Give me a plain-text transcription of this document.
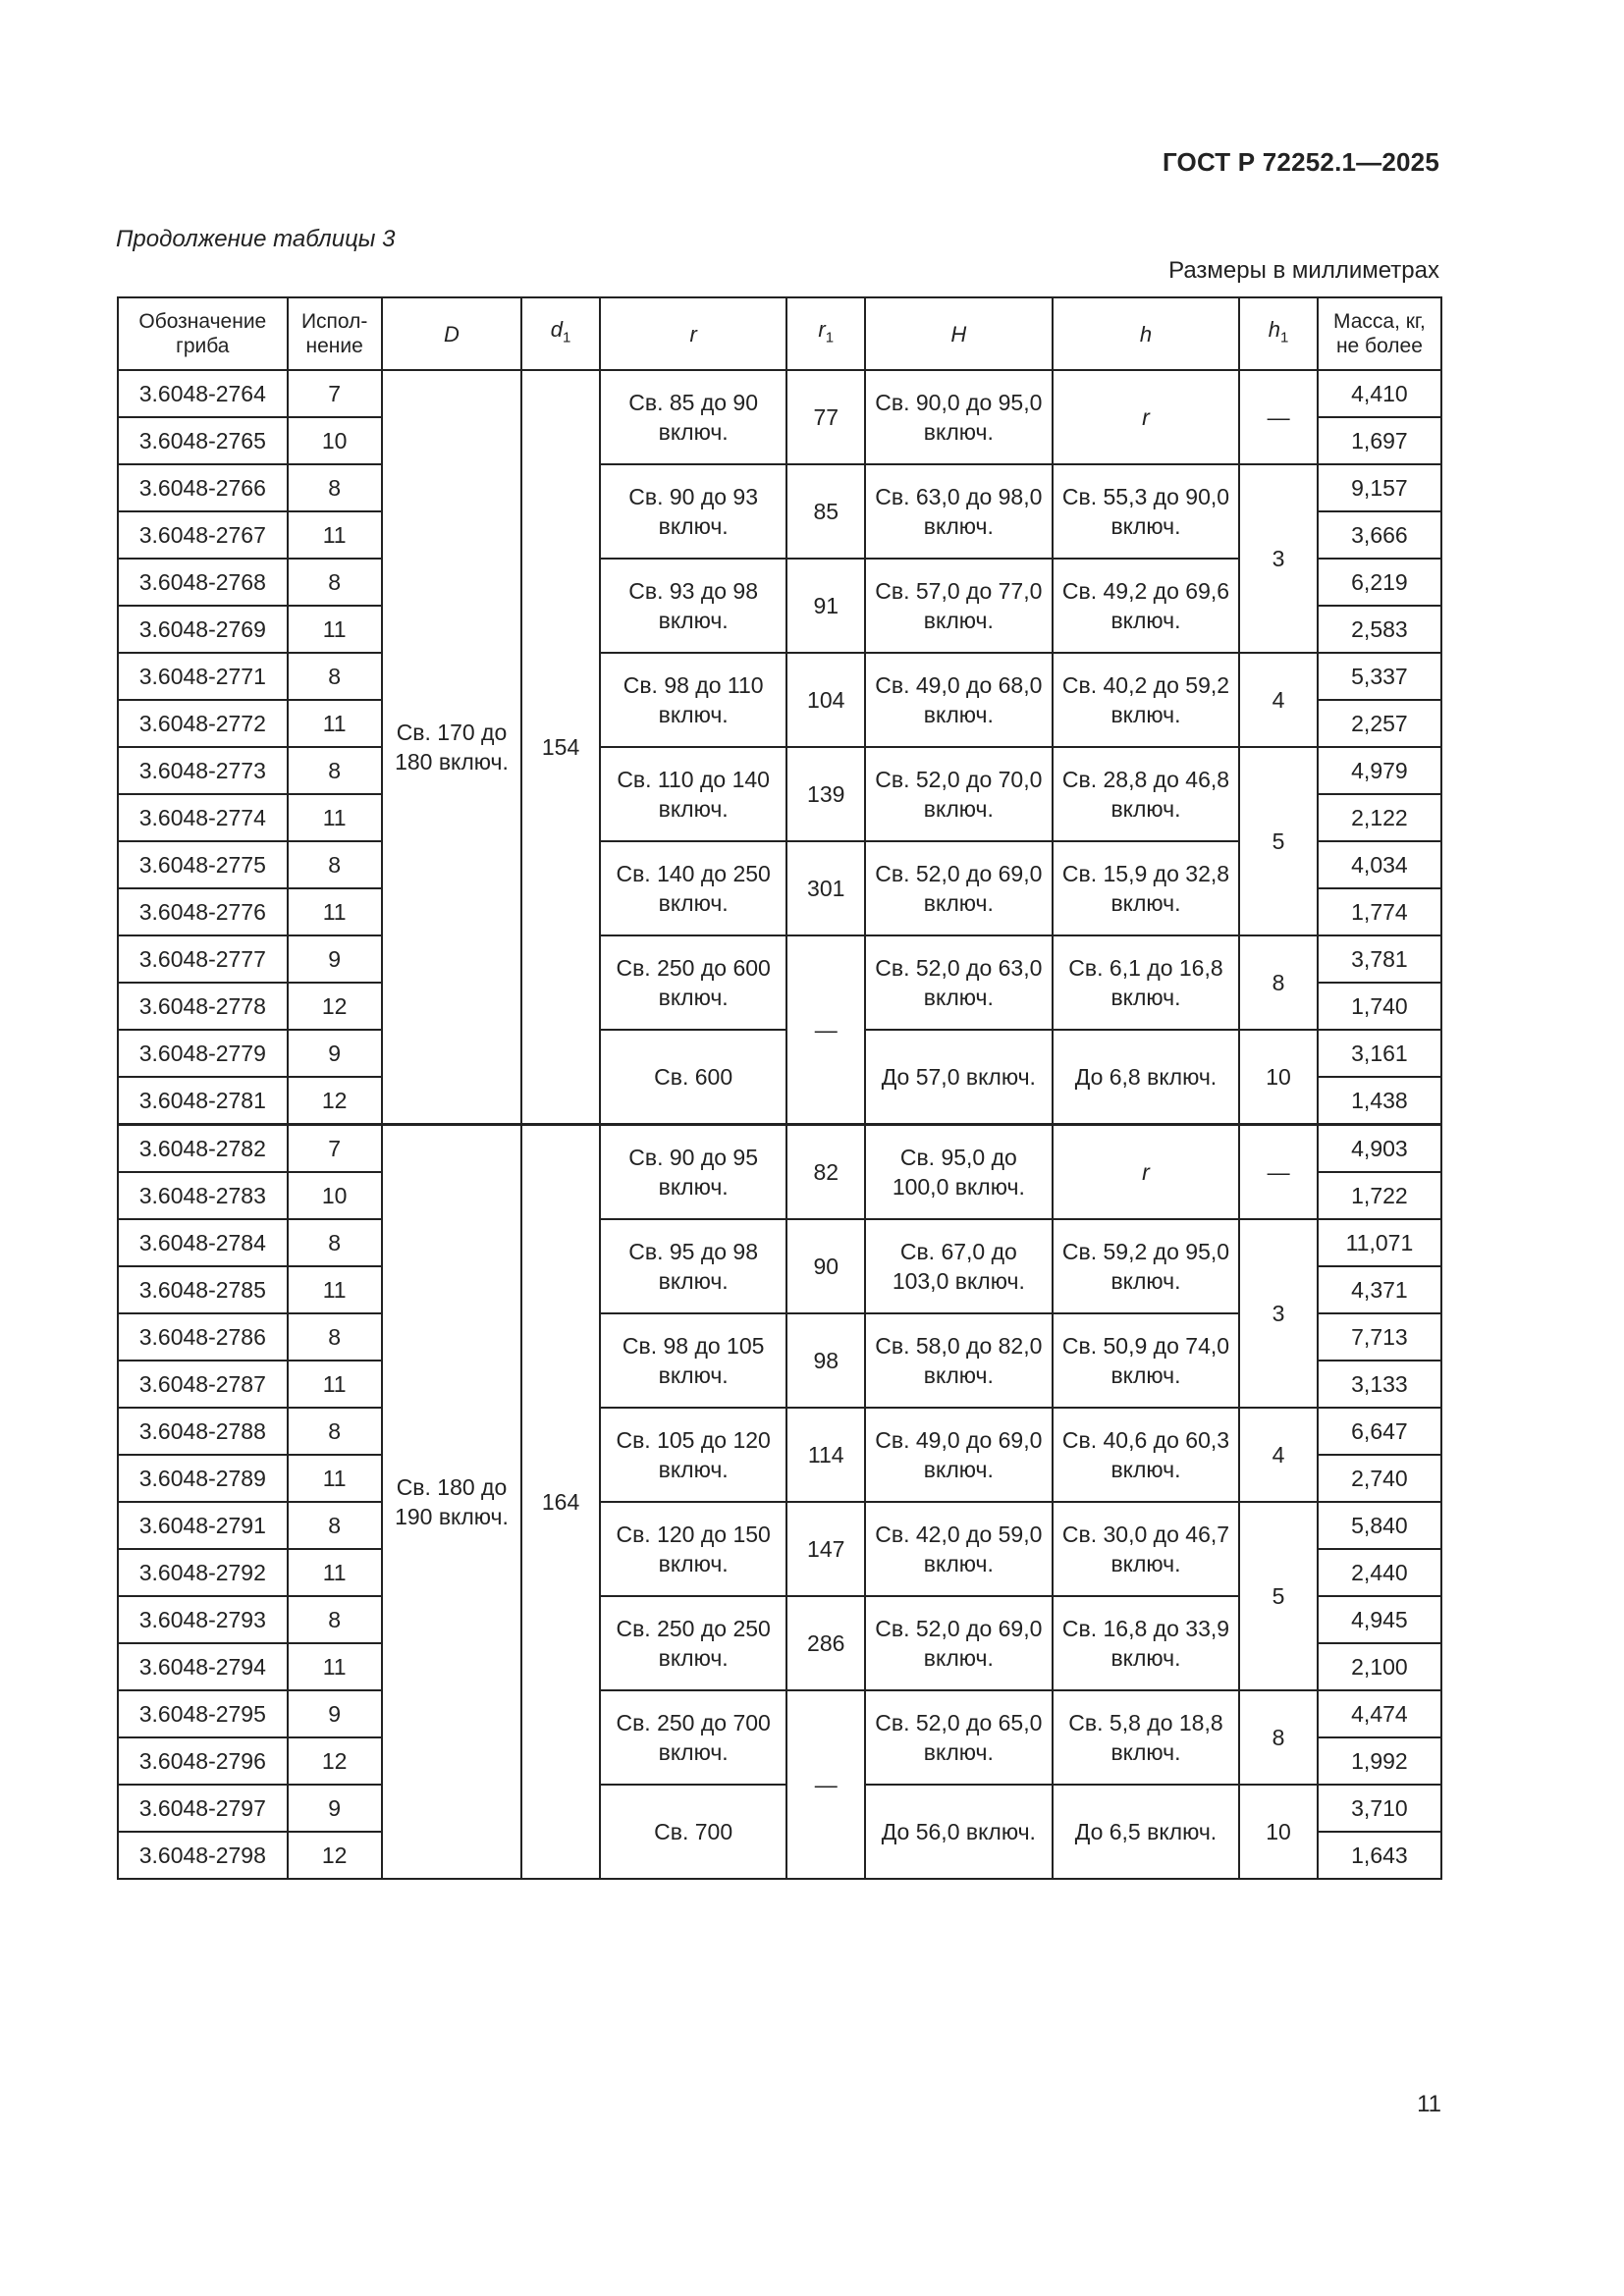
ГОСТ Р 72252.1—2025
Продолжение таблицы 3
Размеры в миллиметрах
Обозначение гриба	Испол-нение	D	$d_1$	r	$r_1$	H	h	$h_1$	Масса, кг, не более
3.6048-2764	7	Св. 170 до 180 включ.	154	Св. 85 до 90 включ.	77	Св. 90,0 до 95,0 включ.	r	—	4,410
3.6048-2765	10								1,697
3.6048-2766	8			Св. 90 до 93 включ.	85	Св. 63,0 до 98,0 включ.	Св. 55,3 до 90,0 включ.	3	9,157
3.6048-2767	11								3,666
3.6048-2768	8			Св. 93 до 98 включ.	91	Св. 57,0 до 77,0 включ.	Св. 49,2 до 69,6 включ.		6,219
3.6048-2769	11								2,583
3.6048-2771	8			Св. 98 до 110 включ.	104	Св. 49,0 до 68,0 включ.	Св. 40,2 до 59,2 включ.	4	5,337
3.6048-2772	11								2,257
3.6048-2773	8			Св. 110 до 140 включ.	139	Св. 52,0 до 70,0 включ.	Св. 28,8 до 46,8 включ.	5	4,979
3.6048-2774	11								2,122
3.6048-2775	8			Св. 140 до 250 включ.	301	Св. 52,0 до 69,0 включ.	Св. 15,9 до 32,8 включ.		4,034
3.6048-2776	11								1,774
3.6048-2777	9			Св. 250 до 600 включ.	—	Св. 52,0 до 63,0 включ.	Св. 6,1 до 16,8 включ.	8	3,781
3.6048-2778	12								1,740
3.6048-2779	9			Св. 600		До 57,0 включ.	До 6,8 включ.	10	3,161
3.6048-2781	12								1,438
3.6048-2782	7	Св. 180 до 190 включ.	164	Св. 90 до 95 включ.	82	Св. 95,0 до 100,0 включ.	r	—	4,903
3.6048-2783	10								1,722
3.6048-2784	8			Св. 95 до 98 включ.	90	Св. 67,0 до 103,0 включ.	Св. 59,2 до 95,0 включ.	3	11,071
3.6048-2785	11								4,371
3.6048-2786	8			Св. 98 до 105 включ.	98	Св. 58,0 до 82,0 включ.	Св. 50,9 до 74,0 включ.		7,713
3.6048-2787	11								3,133
3.6048-2788	8			Св. 105 до 120 включ.	114	Св. 49,0 до 69,0 включ.	Св. 40,6 до 60,3 включ.	4	6,647
3.6048-2789	11								2,740
3.6048-2791	8			Св. 120 до 150 включ.	147	Св. 42,0 до 59,0 включ.	Св. 30,0 до 46,7 включ.	5	5,840
3.6048-2792	11								2,440
3.6048-2793	8			Св. 250 до 250 включ.	286	Св. 52,0 до 69,0 включ.	Св. 16,8 до 33,9 включ.		4,945
3.6048-2794	11								2,100
3.6048-2795	9			Св. 250 до 700 включ.	—	Св. 52,0 до 65,0 включ.	Св. 5,8 до 18,8 включ.	8	4,474
3.6048-2796	12								1,992
3.6048-2797	9			Св. 700		До 56,0 включ.	До 6,5 включ.	10	3,710
3.6048-2798	12								1,643
11
